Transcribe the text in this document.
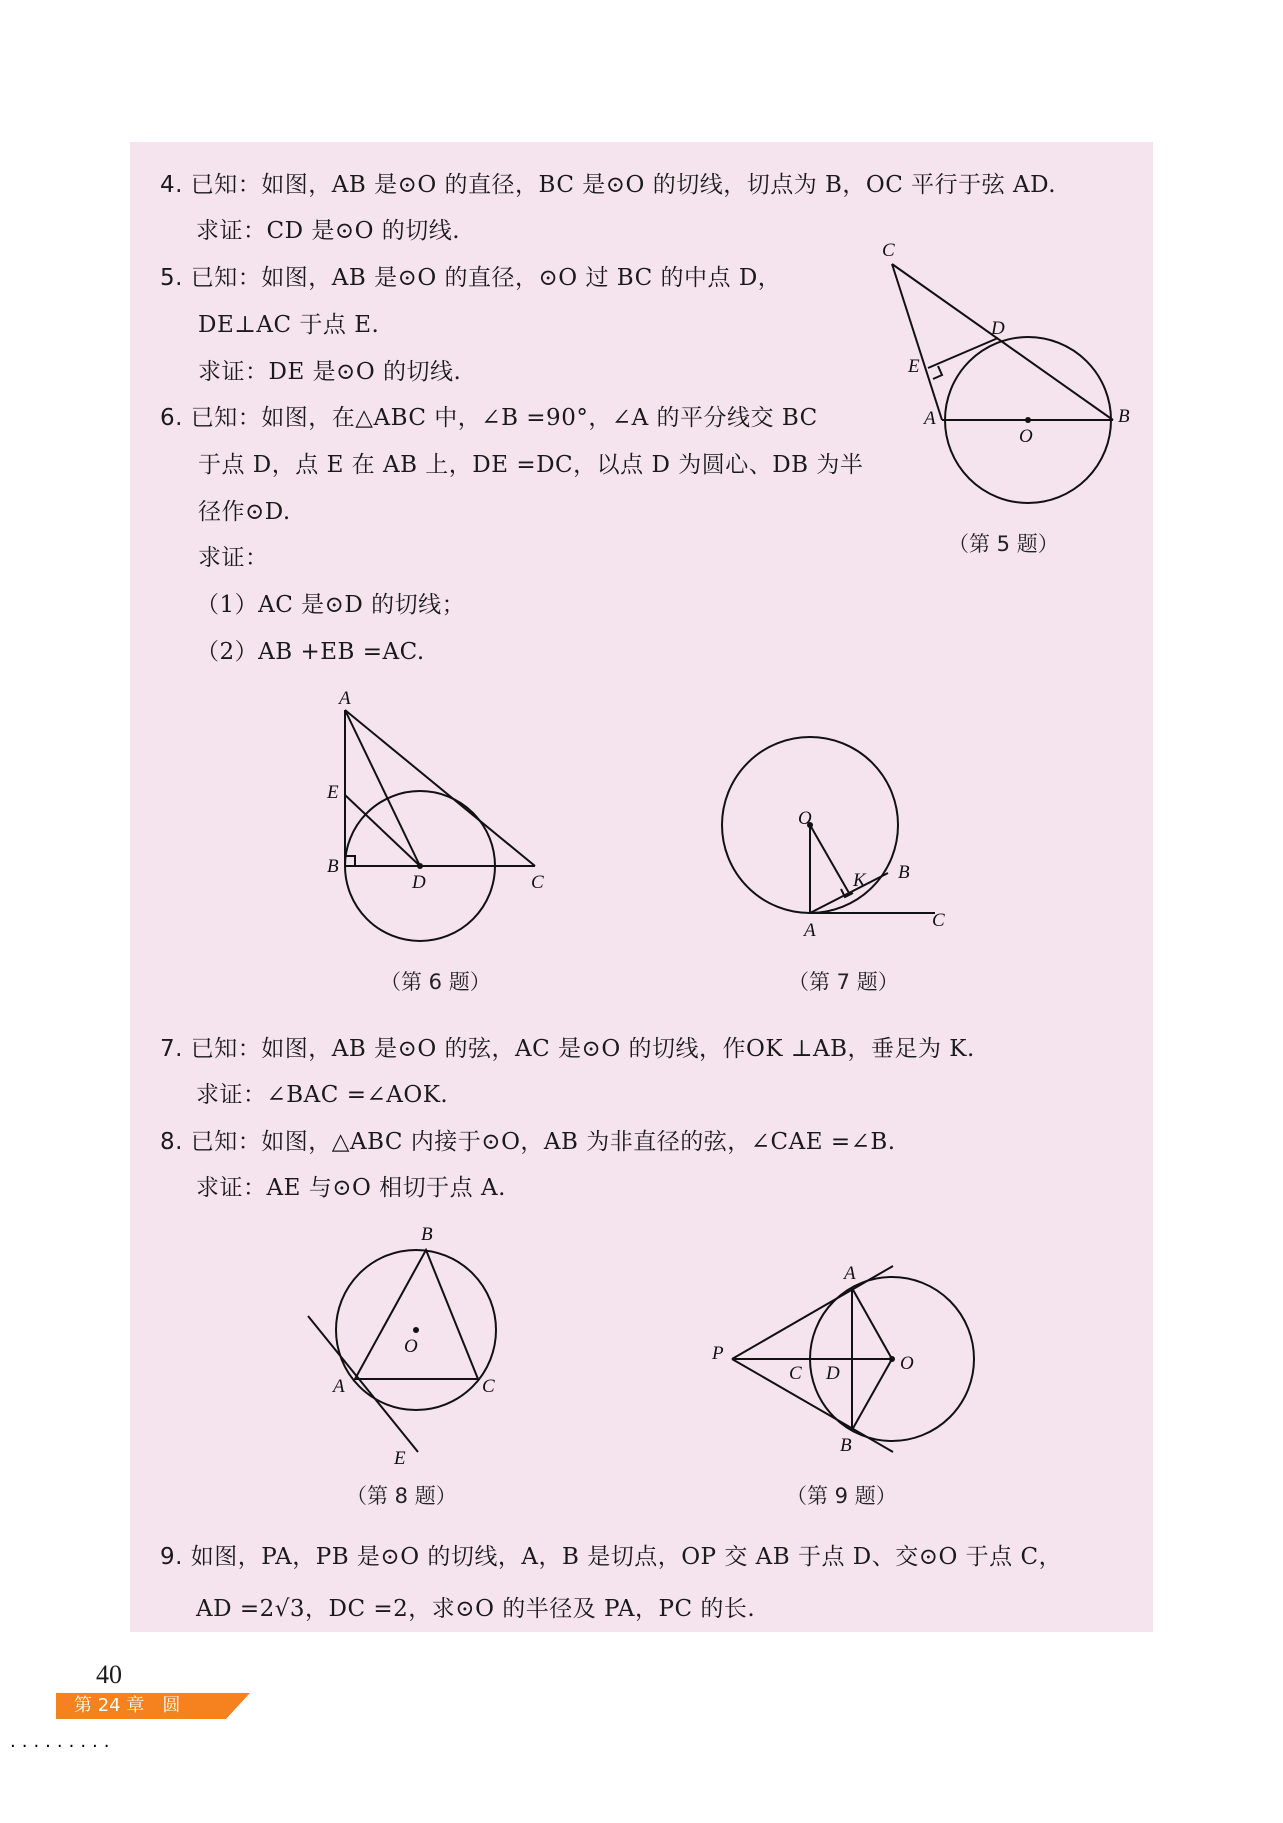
4. 已知：如图，AB 是⊙O 的直径，BC 是⊙O 的切线，切点为 B，OC 平行于弦 AD.
求证：CD 是⊙O 的切线.
5. 已知：如图，AB 是⊙O 的直径，⊙O 过 BC 的中点 D，
DE⊥AC 于点 E.
求证：DE 是⊙O 的切线.
6. 已知：如图，在△ABC 中，∠B =90°，∠A 的平分线交 BC
于点 D，点 E 在 AB 上，DE =DC，以点 D 为圆心、DB 为半
径作⊙D.
求证：
（1）AC 是⊙D 的切线；
（2）AB +EB =AC.
C
D
E
A
O
B
（第 5 题）
A
E
B
D	C
（第 6 题）
O
K B
A	C
（第 7 题）
7. 已知：如图，AB 是⊙O 的弦，AC 是⊙O 的切线，作OK ⊥AB，垂足为 K.
求证：∠BAC =∠AOK.
8. 已知：如图，△ABC 内接于⊙O，AB 为非直径的弦，∠CAE =∠B.
求证：AE 与⊙O 相切于点 A.
B
O
A	C
E
（第 8 题）
A
P
C D	O
B
（第 9 题）
9. 如图，PA，PB 是⊙O 的切线，A，B 是切点，OP 交 AB 于点 D、交⊙O 于点 C，
AD =2√3，DC =2，求⊙O 的半径及 PA，PC 的长.
40
第 24 章　圆
·········
